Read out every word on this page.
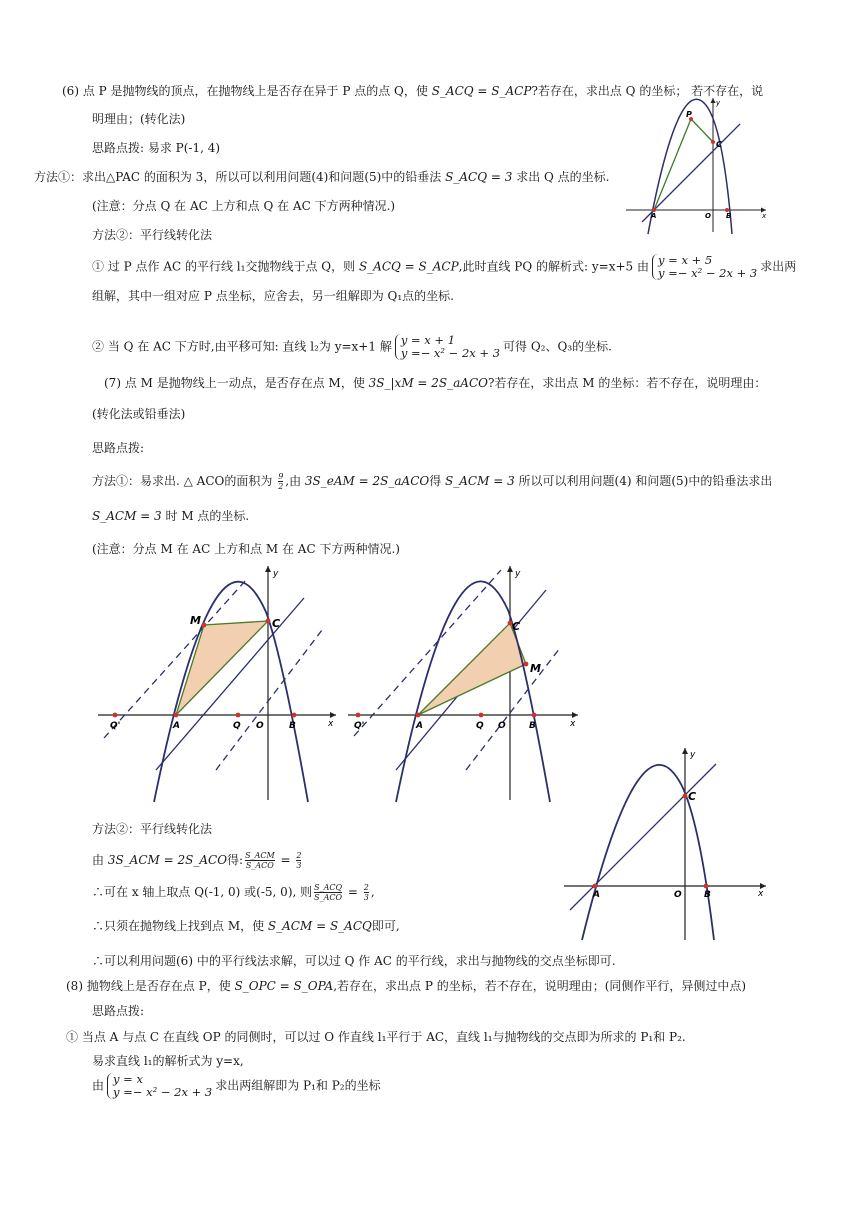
(6) 点 P 是抛物线的顶点，在抛物线上是否存在异于 P 点的点 Q，使 S_ACQ = S_ACP?若存在，求出点 Q 的坐标； 若不存在，说
明理由；(转化法)
思路点拨: 易求 P(-1, 4)
方法①：求出△PAC 的面积为 3，所以可以利用问题(4)和问题(5)中的铅垂法 S_ACQ = 3 求出 Q 点的坐标.
(注意：分点 Q 在 AC 上方和点 Q 在 AC 下方两种情况.)
方法②：平行线转化法
① 过 P 点作 AC 的平行线 l₁交抛物线于点 Q，则 S_ACQ = S_ACP,此时直线 PQ 的解析式: y=x+5 由 y = x + 5
y =− x² − 2x + 3 求出两
组解，其中一组对应 P 点坐标，应舍去，另一组解即为 Q₁点的坐标.
② 当 Q 在 AC 下方时,由平移可知: 直线 l₂为 y=x+1 解 y = x + 1
y =− x² − 2x + 3 可得 Q₂、Q₃的坐标.
(7) 点 M 是抛物线上一动点，是否存在点 M，使 3S_|xM = 2S_aACO?若存在，求出点 M 的坐标：若不存在，说明理由：
(转化法或铅垂法)
思路点拨:
方法①：易求出. △ ACO的面积为 $\frac{9}{2}$ ,由 3S_eAM = 2S_aACO得 S_ACM = 3 所以可以利用问题(4) 和问题(5)中的铅垂法求出
S_ACM = 3 时 M 点的坐标.
(注意：分点 M 在 AC 上方和点 M 在 AC 下方两种情况.)
P
C
A	O B	x
y
M	C
Q'	A	Q O	B	x
y
C
M
Q'	A	Q O	B	x
y
C
A	O B	x
y
方法②：平行线转化法
由 3S_ACM = 2S_ACO得: $\frac{\text{S\_ACM}}{\text{S\_ACO}} = \frac{2}{3}$
∴可在 x 轴上取点 Q(-1, 0) 或(-5, 0), 则 $\frac{\text{S\_ACQ}}{\text{S\_ACO}} = \frac{2}{3}$ ,
∴只须在抛物线上找到点 M，使 S_ACM = S_ACQ即可,
∴可以利用问题(6) 中的平行线法求解，可以过 Q 作 AC 的平行线，求出与抛物线的交点坐标即可.
(8) 抛物线上是否存在点 P，使 S_OPC = S_OPA,若存在，求出点 P 的坐标，若不存在，说明理由；(同侧作平行，异侧过中点)
思路点拨:
① 当点 A 与点 C 在直线 OP 的同侧时，可以过 O 作直线 l₁平行于 AC，直线 l₁与抛物线的交点即为所求的 P₁和 P₂.
易求直线 l₁的解析式为 y=x,
由 y = x
y =− x² − 2x + 3 求出两组解即为 P₁和 P₂的坐标
